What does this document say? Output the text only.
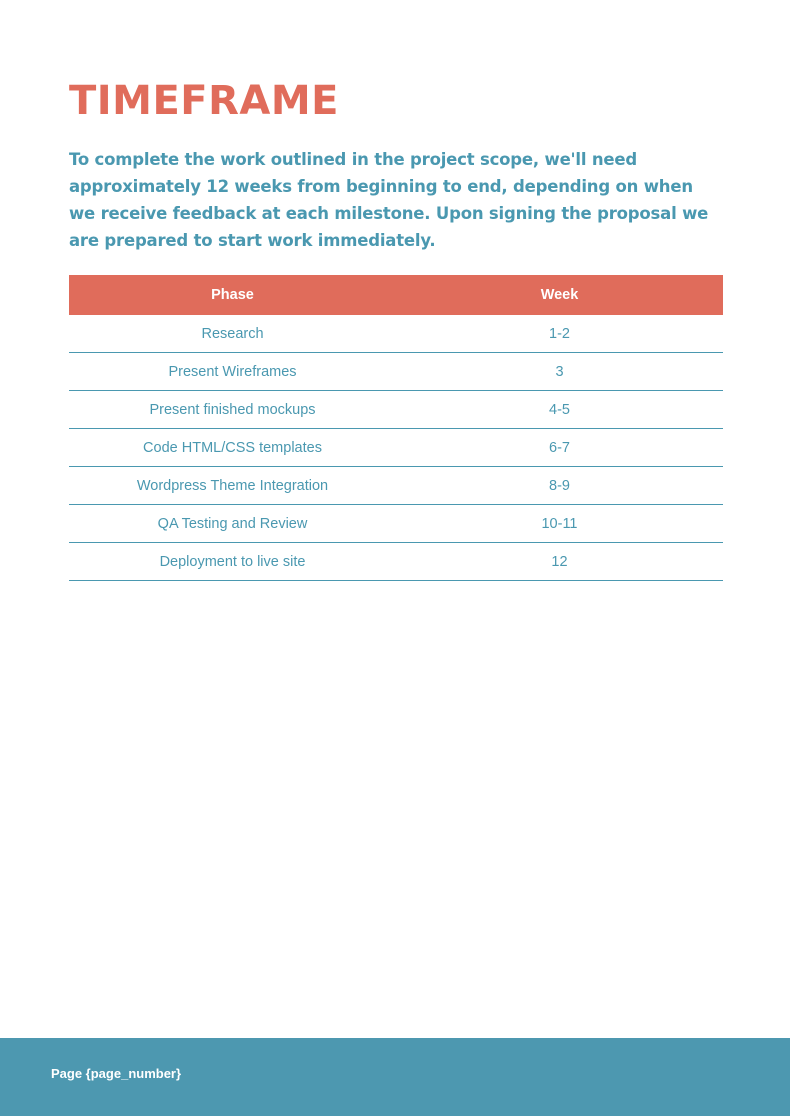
TIMEFRAME

To complete the work outlined in the project scope, we'll need approximately 12 weeks from beginning to end, depending on when we receive feedback at each milestone. Upon signing the proposal we are prepared to start work immediately.

Phase	Week
Research	1-2
Present Wireframes	3
Present finished mockups	4-5
Code HTML/CSS templates	6-7
Wordpress Theme Integration	8-9
QA Testing and Review	10-11
Deployment to live site	12
Page {page_number}
